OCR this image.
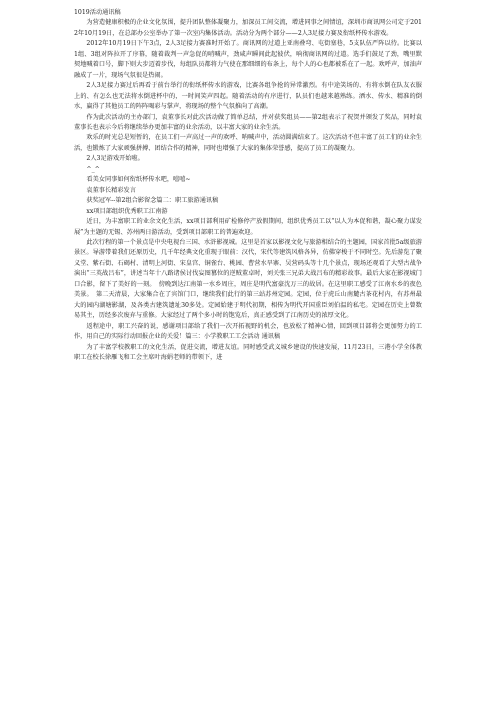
1019活动通讯稿

为营造健康积极的企业文化氛围，提升团队整体凝聚力，加深员工间交流，增进同事之间情谊，深圳市商讯网公司定于2012年10月19日，在总部办公室举办了第一次室内集体活动。活动分为两个部分——2人3足接力赛及衔纸杯传水游戏。

2012年10月19日下午3点，2人3足接力赛准时开始了。商讯网的过道上亚南叠弯、屯街塞巷，5支队伍严阵以待。比赛以1组、3组对阵拉开了序幕，随着裁判一声急促的哨喊声，劲咸声瞬间此起彼伏，响彻商讯网的过道。选手们鼓足了劲，嘴里默契地喊着口号，脚下则大步迈着步伐，每组队员都将力气使在那细细的布条上，每个人的心也都被系在了一起。欢呼声，加油声融成了一片，现场气氛很是热闹。

2人3足接力赛过后再看于前台举行的衔纸杯传水的游戏，比赛各组争抢的异常激烈。有中途笑场的、有将水倒在队友衣服上的、有怎么也无法将水倒进杯中的，一时间笑声四起。随着活动的有序进行，队员们也越来越熟练。洒水、传水、精准的倒水，赢得了其他员工的阵阵喝彩与掌声，将现场的整个气氛推向了高潮。

作为此次活动的主办部门，袁董事长对此次活动做了简单总结，并对获奖组员——第2组表示了祝贺并颁发了奖品，同时袁董事长也表示今后将继续举办更加丰富的业余活动，以丰富大家的业余生活。

欢乐的时光总是短暂的，在员工们一声高过一声的欢呼、呐喊声中，活动圆满结束了。这次活动不但丰富了员工们的业余生活，也锻炼了大家顽强拼搏、团结合作的精神，同时也增强了大家的集体荣誉感，提高了员工的凝聚力。

2人3足游戏开始啦。

^_^

看美女同事如何衔纸杯传水吧，嘻嘻~

袁董事长精彩发言

获奖冠军--第2组合影留念篇二：职工旅游通讯稿

xx项目部组织优秀职工江南游

近日，为丰富职工的业余文化生活，xx项目部利用矿检修停产放假期间，组织优秀员工以“以人为本促和谐，凝心聚力谋发展”为主题的无锡、苏州两日游活动，受到项目部职工的普遍欢迎。

此次行程的第一个景点是中央电视台三国、水浒影视城。这里是首家以影视文化与旅游相结合的主题园，国家首批5a级旅游景区。导游带着我们还原历史，几千年经典文化重现于眼前：汉代，宋代等建筑风格各异，仿佛穿梭于不同时空。先后游览了聚义堂、紫石街、石碣村、清明上河街、宋皇宫、铜雀台、桃园、曹营水旱寨、吴营码头等十几个景点，现场还观看了大型古战争演出“三英战吕布”，讲述当年十八路诸侯讨伐妄图篡位的逆贼董卓时，刘关张三兄弟大战吕布的精彩故事。最后大家在影视城门口合影，留下了美好的一刻。　傍晚到达江南第一水乡周庄，周庄是明代富豪沈万三的故居。在这里职工感受了江南水乡的夜色美景。　第二天清晨，大家集合在了宾馆门口，继续我们此行的第三站苏州定园。定园，位于虎丘山南麓古茶花村内，有苏州最大的园内湖塘影湖，及各类古建筑遗址30多处。定园始建于明代初期，相传为明代开国重臣刘伯温的私宅。定园在历史上曾数易其主，历经多次废弃与重修。大家经过了两个多小时的饱览后，真正感受到了江南历史的浓厚文化。

返程途中，职工兴奋的说，感谢项目部给了我们一次开拓视野的机会，也放松了精神心情，回到项目部将会更加努力的工作，用自己的实际行动回报企业的关爱！篇三：小学教职工工会活动 通讯稿

为了丰富学校教职工的文化生活，促进交流，增进友谊。同时感受武义城乡建设的快速发展，11月23日，三港小学全体教职工在校长徐雁飞和工会主席叶海娟老师的带领下，进
